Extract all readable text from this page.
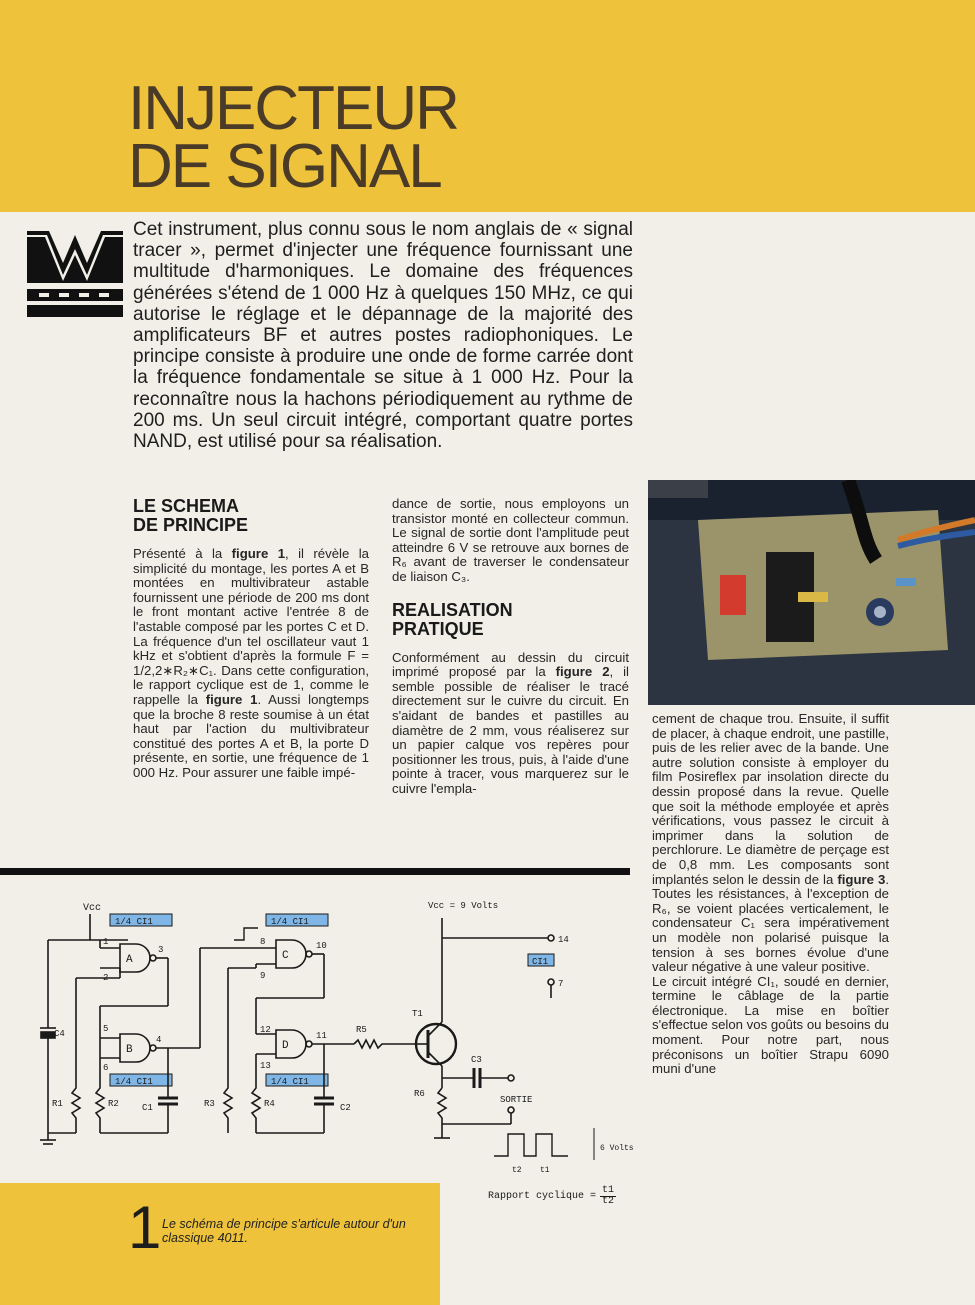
INJECTEUR
DE SIGNAL

Cet instrument, plus connu sous le nom anglais de « signal tracer », permet d'injecter une fréquence fournissant une multitude d'harmoniques. Le domaine des fréquences générées s'étend de 1 000 Hz à quelques 150 MHz, ce qui autorise le réglage et le dépannage de la majorité des amplificateurs BF et autres postes radiophoniques. Le principe consiste à produire une onde de forme carrée dont la fréquence fondamentale se situe à 1 000 Hz. Pour la reconnaître nous la hachons périodiquement au rythme de 200 ms. Un seul circuit intégré, comportant quatre portes NAND, est utilisé pour sa réalisation.

LE SCHEMA
DE PRINCIPE

Présenté à la figure 1, il révèle la simplicité du montage, les portes A et B montées en multivibrateur astable fournissent une période de 200 ms dont le front montant active l'entrée 8 de l'astable composé par les portes C et D. La fréquence d'un tel oscillateur vaut 1 kHz et s'obtient d'après la formule F = 1/2,2∗R₂∗C₁. Dans cette configuration, le rapport cyclique est de 1, comme le rappelle la figure 1. Aussi longtemps que la broche 8 reste soumise à un état haut par l'action du multivibrateur constitué des portes A et B, la porte D présente, en sortie, une fréquence de 1 000 Hz. Pour assurer une faible impé-

dance de sortie, nous employons un transistor monté en collecteur commun. Le signal de sortie dont l'amplitude peut atteindre 6 V se retrouve aux bornes de R₆ avant de traverser le condensateur de liaison C₃.

REALISATION
PRATIQUE

Conformément au dessin du circuit imprimé proposé par la figure 2, il semble possible de réaliser le tracé directement sur le cuivre du circuit. En s'aidant de bandes et pastilles au diamètre de 2 mm, vous réaliserez sur un papier calque vos repères pour positionner les trous, puis, à l'aide d'une pointe à tracer, vous marquerez sur le cuivre l'empla-

cement de chaque trou. Ensuite, il suffit de placer, à chaque endroit, une pastille, puis de les relier avec de la bande. Une autre solution consiste à employer du film Posireflex par insolation directe du dessin proposé dans la revue. Quelle que soit la méthode employée et après vérifications, vous passez le circuit à imprimer dans la solution de perchlorure. Le diamètre de perçage est de 0,8 mm. Les composants sont implantés selon le dessin de la figure 3. Toutes les résistances, à l'exception de R₆, se voient placées verticalement, le condensateur C₁ sera impérativement un modèle non polarisé puisque la tension à ses bornes évolue d'une valeur négative à une valeur positive.

Le circuit intégré CI₁, soudé en dernier, termine le câblage de la partie électronique. La mise en boîtier s'effectue selon vos goûts ou besoins du moment. Pour notre part, nous préconisons un boîtier Strapu 6090 muni d'une

Vcc
1/4 CI1	1/4 CI1
1/4 CI1	1/4 CI1
A
1
2
3
B
5
6
4
C4
R1	R2	C1
C
8
9
10
D
12
13
11
R3	R4	C2
R5
T1
Vcc = 9 Volts
14
CI1
7
R6
C3
SORTIE
6 Volts
t2 t1
Rapport cyclique = $\frac{t1}{t2}$
1 Le schéma de principe s'articule autour d'un classique 4011.
